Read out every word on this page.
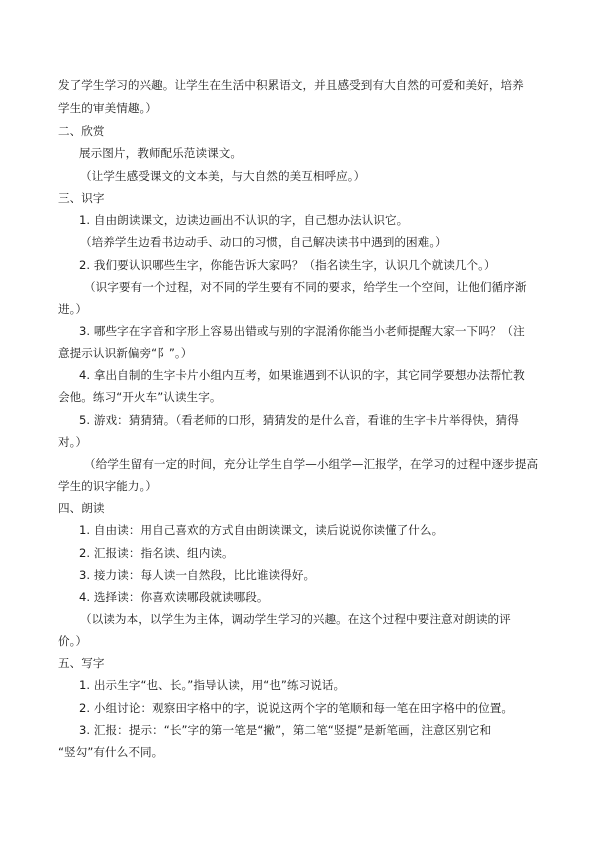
发了学生学习的兴趣。让学生在生活中积累语文，并且感受到有大自然的可爱和美好，培养

学生的审美情趣。）

二、欣赏

展示图片，教师配乐范读课文。

（让学生感受课文的文本美，与大自然的美互相呼应。）

三、识字

1. 自由朗读课文，边读边画出不认识的字，自己想办法认识它。

（培养学生边看书边动手、动口的习惯，自己解决读书中遇到的困难。）

2. 我们要认识哪些生字，你能告诉大家吗？（指名读生字，认识几个就读几个。）

（识字要有一个过程，对不同的学生要有不同的要求，给学生一个空间，让他们循序渐

进。）

3. 哪些字在字音和字形上容易出错或与别的字混淆你能当小老师提醒大家一下吗？（注

意提示认识新偏旁“阝”。）

4. 拿出自制的生字卡片小组内互考，如果谁遇到不认识的字，其它同学要想办法帮忙教

会他。练习“开火车”认读生字。

5. 游戏：猜猜猜。（看老师的口形，猜猜发的是什么音，看谁的生字卡片举得快，猜得

对。）

（给学生留有一定的时间，充分让学生自学—小组学—汇报学，在学习的过程中逐步提高

学生的识字能力。）

四、朗读

1. 自由读：用自己喜欢的方式自由朗读课文，读后说说你读懂了什么。

2. 汇报读：指名读、组内读。

3. 接力读：每人读一自然段，比比谁读得好。

4. 选择读：你喜欢读哪段就读哪段。

（以读为本，以学生为主体，调动学生学习的兴趣。在这个过程中要注意对朗读的评

价。）

五、写字

1. 出示生字“也、长。”指导认读，用“也”练习说话。

2. 小组讨论：观察田字格中的字，说说这两个字的笔顺和每一笔在田字格中的位置。

3. 汇报：提示：“长”字的第一笔是“撇”，第二笔“竖提”是新笔画，注意区别它和

“竖勾”有什么不同。
